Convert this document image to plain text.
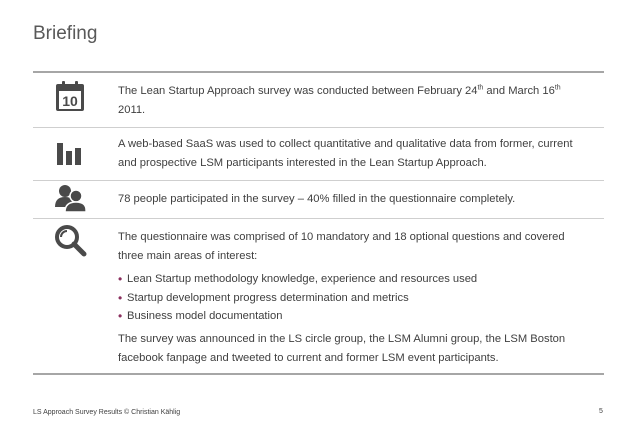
Briefing
10
The Lean Startup Approach survey was conducted between February 24th and March 16th 2011.
A web-based SaaS was used to collect quantitative and qualitative data from former, current and prospective LSM participants interested in the Lean Startup Approach.
78 people participated in the survey – 40% filled in the questionnaire completely.
The questionnaire was comprised of 10 mandatory and 18 optional questions and covered three main areas of interest:
• Lean Startup methodology knowledge, experience and resources used
• Startup development progress determination and metrics
• Business model documentation
The survey was announced in the LS circle group, the LSM Alumni group, the LSM Boston facebook fanpage and tweeted to current and former LSM event participants.
LS Approach Survey Results © Christian Kählig	5
